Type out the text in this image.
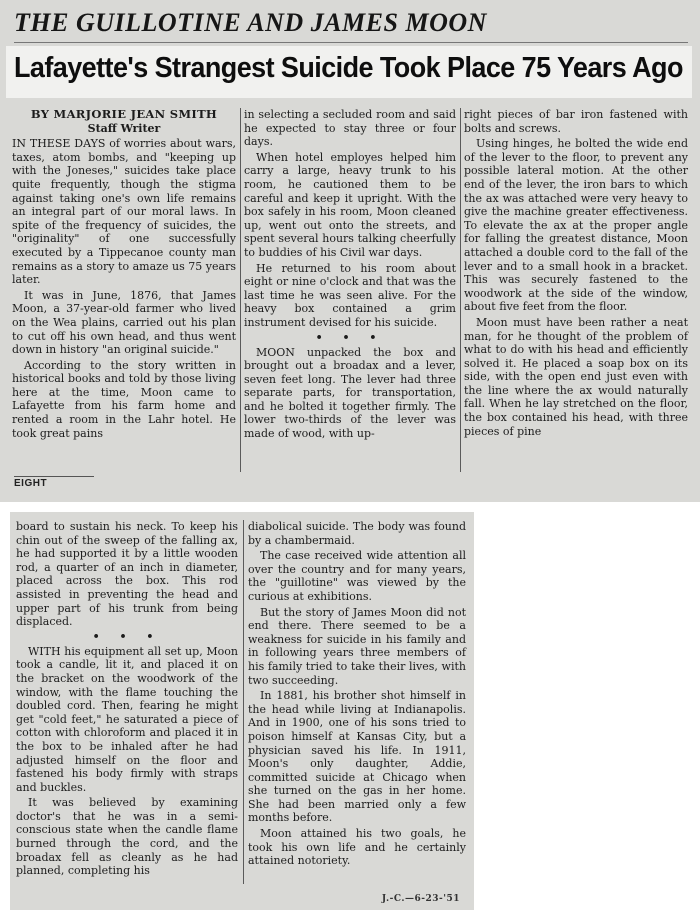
THE GUILLOTINE AND JAMES MOON
Lafayette's Strangest Suicide Took Place 75 Years Ago
BY MARJORIE JEAN SMITH
Staff Writer

IN THESE DAYS of worries about wars, taxes, atom bombs, and "keeping up with the Joneses," suicides take place quite frequently, though the stigma against taking one's own life remains an integral part of our moral laws. In spite of the frequency of suicides, the "originality" of one successfully executed by a Tippecanoe county man remains as a story to amaze us 75 years later.

It was in June, 1876, that James Moon, a 37-year-old farmer who lived on the Wea plains, carried out his plan to cut off his own head, and thus went down in history "an original suicide."

According to the story written in historical books and told by those living here at the time, Moon came to Lafayette from his farm home and rented a room in the Lahr hotel. He took great pains

in selecting a secluded room and said he expected to stay three or four days.

When hotel employes helped him carry a large, heavy trunk to his room, he cautioned them to be careful and keep it upright. With the box safely in his room, Moon cleaned up, went out onto the streets, and spent several hours talking cheerfully to buddies of his Civil war days.

He returned to his room about eight or nine o'clock and that was the last time he was seen alive. For the heavy box contained a grim instrument devised for his suicide.

• • •

MOON unpacked the box and brought out a broadax and a lever, seven feet long. The lever had three separate parts, for transportation, and he bolted it together firmly. The lower two-thirds of the lever was made of wood, with up-

right pieces of bar iron fastened with bolts and screws.

Using hinges, he bolted the wide end of the lever to the floor, to prevent any possible lateral motion. At the other end of the lever, the iron bars to which the ax was attached were very heavy to give the machine greater effectiveness. To elevate the ax at the proper angle for falling the greatest distance, Moon attached a double cord to the fall of the lever and to a small hook in a bracket. This was securely fastened to the woodwork at the side of the window, about five feet from the floor.

Moon must have been rather a neat man, for he thought of the problem of what to do with his head and efficiently solved it. He placed a soap box on its side, with the open end just even with the line where the ax would naturally fall. When he lay stretched on the floor, the box contained his head, with three pieces of pine

EIGHT

board to sustain his neck. To keep his chin out of the sweep of the falling ax, he had supported it by a little wooden rod, a quarter of an inch in diameter, placed across the box. This rod assisted in preventing the head and upper part of his trunk from being displaced.

• • •

WITH his equipment all set up, Moon took a candle, lit it, and placed it on the bracket on the woodwork of the window, with the flame touching the doubled cord. Then, fearing he might get "cold feet," he saturated a piece of cotton with chloroform and placed it in the box to be inhaled after he had adjusted himself on the floor and fastened his body firmly with straps and buckles.

It was believed by examining doctor's that he was in a semi-conscious state when the candle flame burned through the cord, and the broadax fell as cleanly as he had planned, completing his

diabolical suicide. The body was found by a chambermaid.

The case received wide attention all over the country and for many years, the "guillotine" was viewed by the curious at exhibitions.

But the story of James Moon did not end there. There seemed to be a weakness for suicide in his family and in following years three members of his family tried to take their lives, with two succeeding.

In 1881, his brother shot himself in the head while living at Indianapolis. And in 1900, one of his sons tried to poison himself at Kansas City, but a physician saved his life. In 1911, Moon's only daughter, Addie, committed suicide at Chicago when she turned on the gas in her home. She had been married only a few months before.

Moon attained his two goals, he took his own life and he certainly attained notoriety.

J.-C.—6-23-'51
